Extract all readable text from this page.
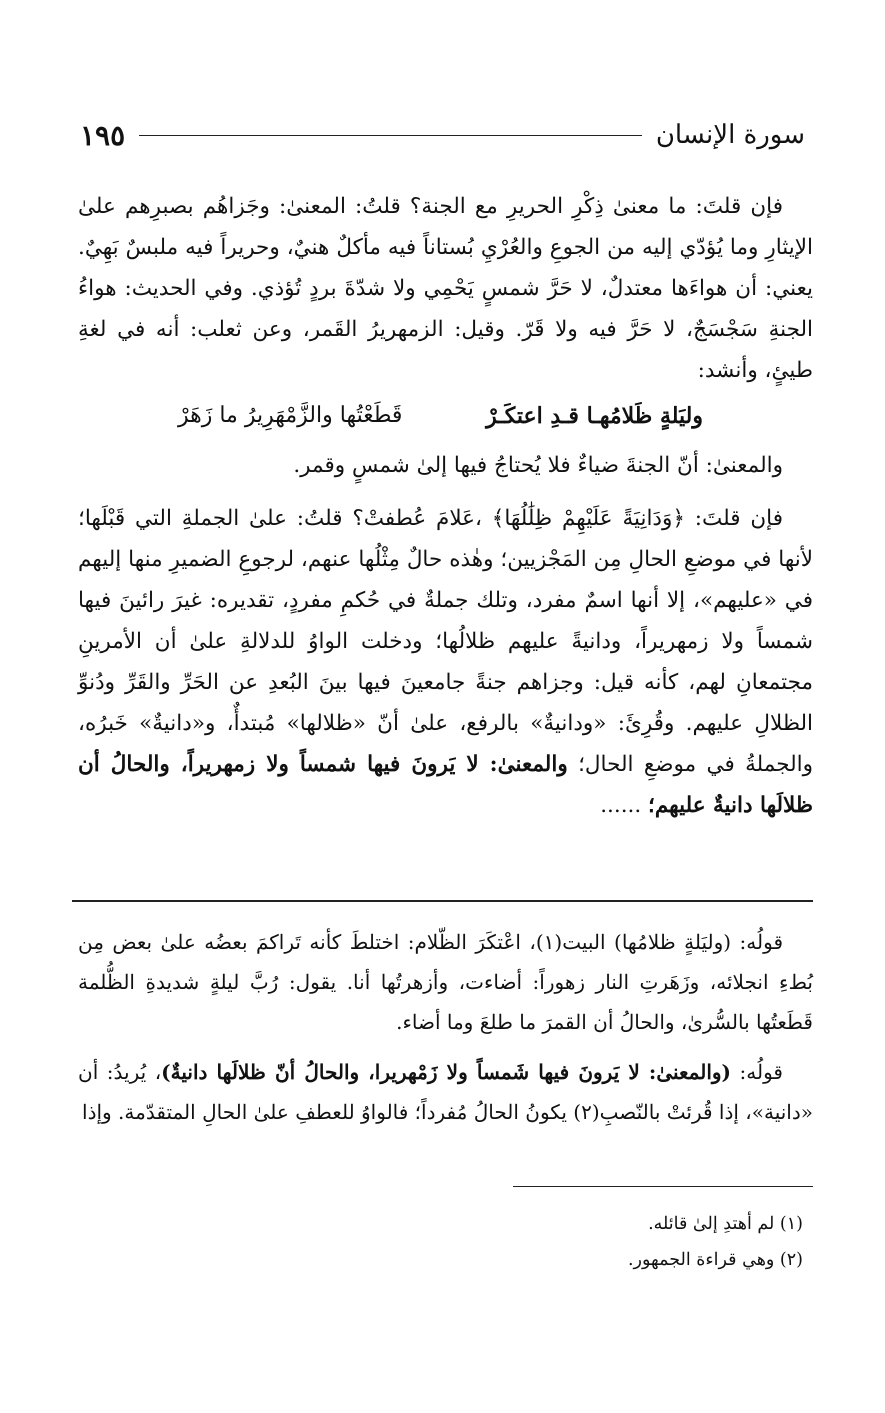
سورة الإنسان
١٩٥

فإن قلتَ: ما معنىٰ ذِكْرِ الحريرِ مع الجنة؟ قلتُ: المعنىٰ: وجَزاهُم بصبرِهم علىٰ الإيثارِ وما يُؤدّي إليه من الجوعِ والعُرْيِ بُستاناً فيه مأكلٌ هنيٌ، وحريراً فيه ملبسٌ بَهِيٌ. يعني: أن هواءَها معتدلٌ، لا حَرَّ شمسٍ يَحْمِي ولا شدّةَ بردٍ تُؤذي. وفي الحديث: هواءُ الجنةِ سَجْسَجٌ، لا حَرَّ فيه ولا قَرّ. وقيل: الزمهريرُ القَمر، وعن ثعلب: أنه في لغةِ طيئٍ، وأنشد:

وليَلةٍ ظَلامُهـا قـدِ اعتكَـرْ
قَطَعْتُها والزَّمْهَرِيرُ ما زَهَرْ

والمعنىٰ: أنّ الجنةَ ضياءٌ فلا يُحتاجُ فيها إلىٰ شمسٍ وقمر.

فإن قلتَ: ﴿وَدَانِيَةً عَلَيْهِمْ ظِلَٰلُهَا﴾ ،عَلامَ عُطفتْ؟ قلتُ: علىٰ الجملةِ التي قَبْلَها؛ لأنها في موضعِ الحالِ مِن المَجْزيين؛ وهٰذه حالٌ مِثْلُها عنهم، لرجوعِ الضميرِ منها إليهم في «عليهم»، إلا أنها اسمٌ مفرد، وتلك جملةٌ في حُكمِ مفردٍ، تقديره: غيرَ رائينَ فيها شمساً ولا زمهريراً، ودانيةً عليهم ظلالُها؛ ودخلت الواوُ للدلالةِ علىٰ أن الأمرينِ مجتمعانِ لهم، كأنه قيل: وجزاهم جنةً جامعينَ فيها بينَ البُعدِ عن الحَرِّ والقَرِّ ودُنوِّ الظلالِ عليهم. وقُرِئَ: «ودانيةٌ» بالرفع، علىٰ أنّ «ظلالها» مُبتدأٌ، و«دانيةٌ» خَبرُه، والجملةُ في موضعِ الحال؛ والمعنىٰ: لا يَرونَ فيها شمساً ولا زمهريراً، والحالُ أن ظلالَها دانيةٌ عليهم؛ ......

قولُه: (وليَلةٍ ظلامُها) البيت(١)، اعْتكَرَ الظّلام: اختلطَ كأنه تَراكمَ بعضُه علىٰ بعض مِن بُطءِ انجلائه، وزَهَرتِ النار زهوراً: أضاءت، وأزهرتُها أنا. يقول: رُبَّ ليلةٍ شديدةِ الظُّلمة قَطَعتُها بالسُّرىٰ، والحالُ أن القمرَ ما طلعَ وما أضاء.

قولُه: (والمعنىٰ: لا يَرونَ فيها شَمساً ولا زَمْهريرا، والحالُ أنّ ظلالَها دانيةٌ)، يُريدُ: أن «دانية»، إذا قُرئتْ بالنّصبِ(٢) يكونُ الحالُ مُفرداً؛ فالواوُ للعطفِ علىٰ الحالِ المتقدّمة. وإذا

(١) لم أهتدِ إلىٰ قائله.
(٢) وهي قراءة الجمهور.
